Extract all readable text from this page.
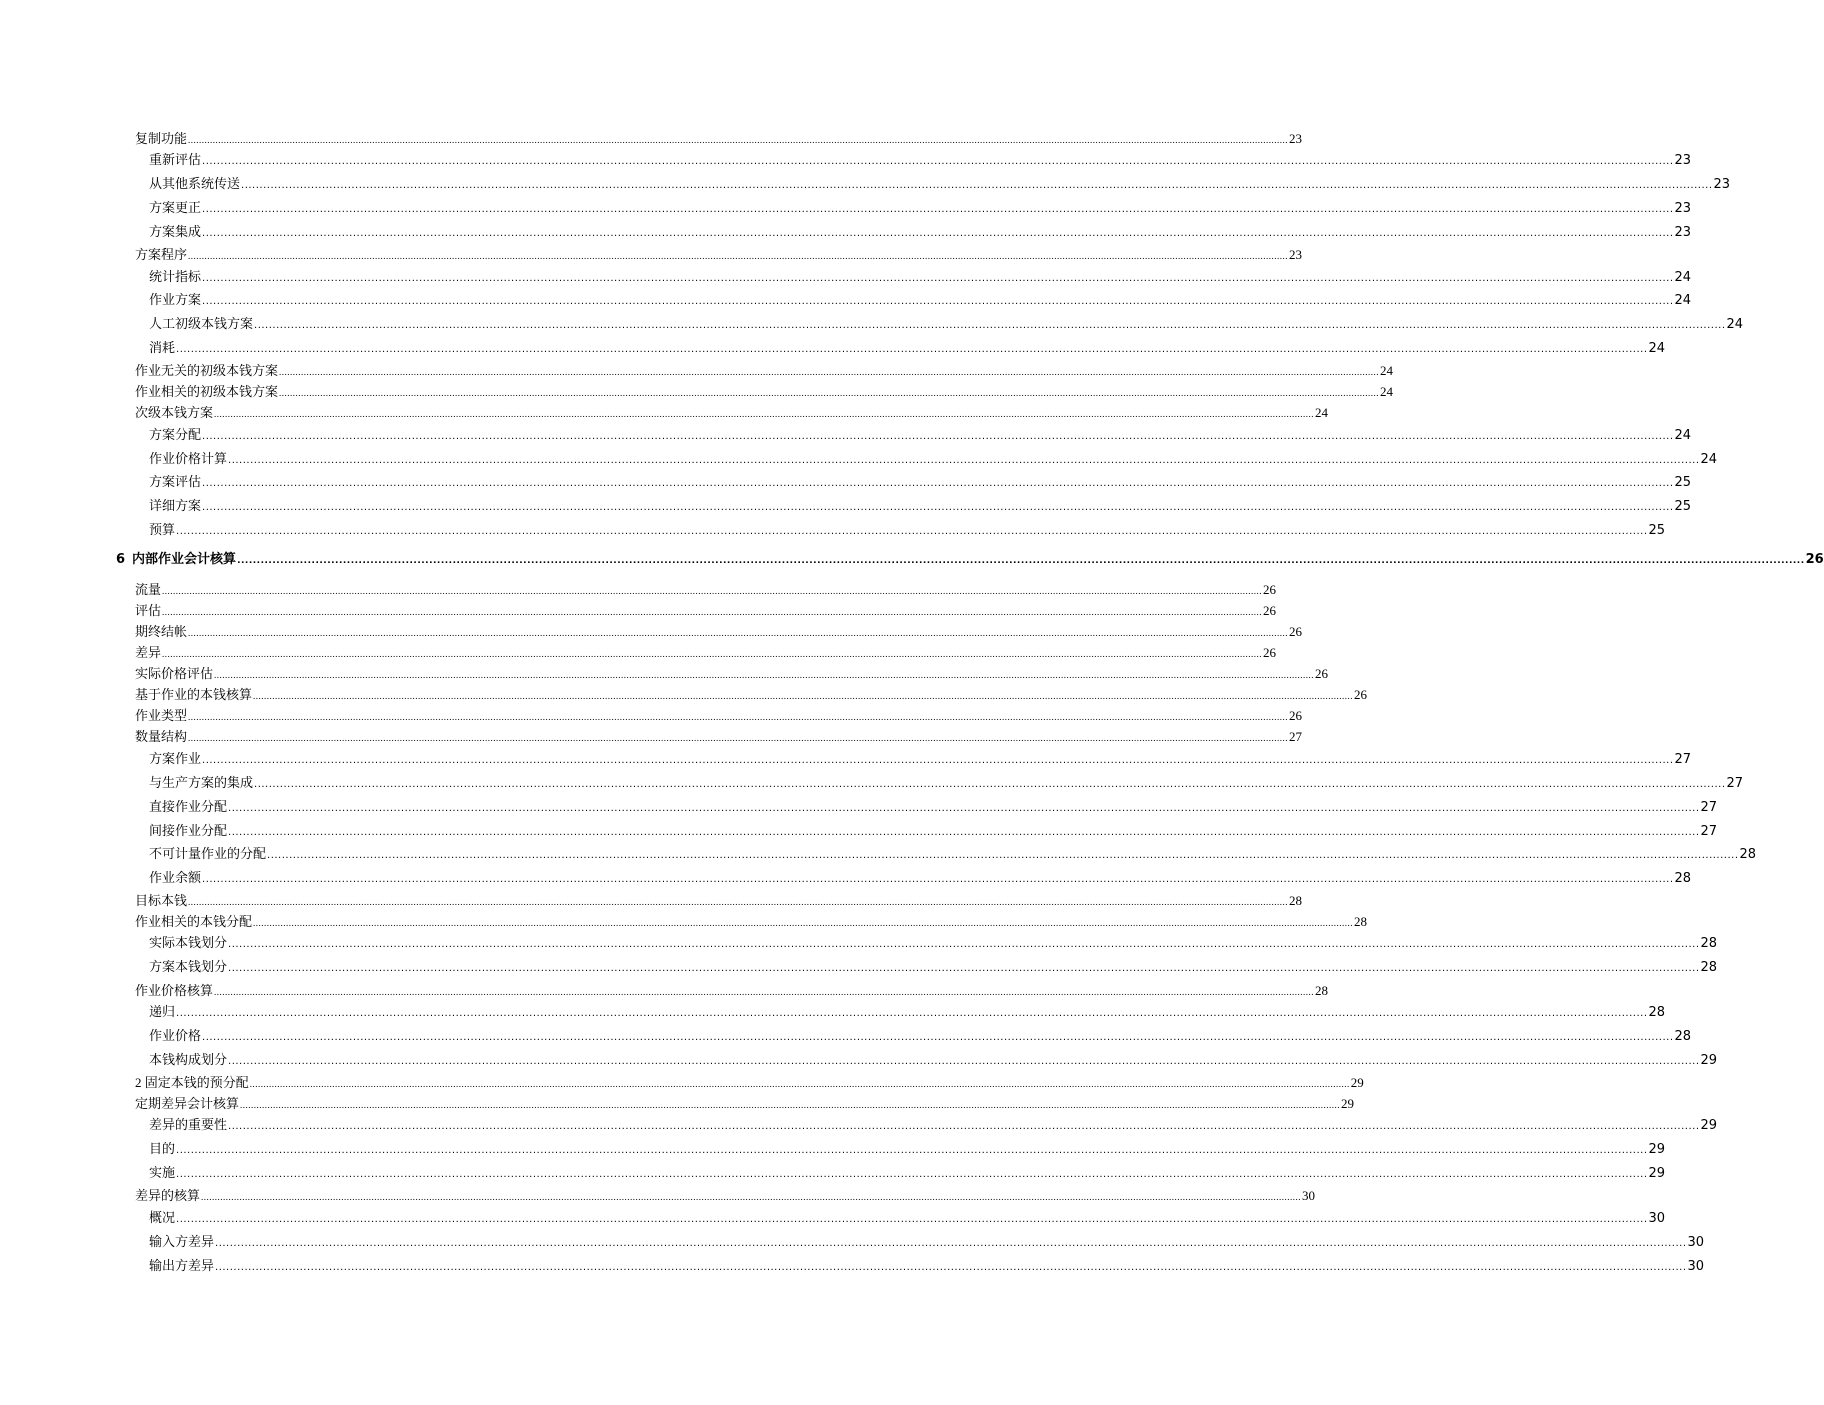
复制功能 ................................................................................................................................................................................................................................................................................................................................................................................................................ 23
重新评估 ................................................................................................................................................................................................................................................................................................................................................................................................................ 23
从其他系统传送 ................................................................................................................................................................................................................................................................................................................................................................................................................ 23
方案更正 ................................................................................................................................................................................................................................................................................................................................................................................................................ 23
方案集成 ................................................................................................................................................................................................................................................................................................................................................................................................................ 23
方案程序 ................................................................................................................................................................................................................................................................................................................................................................................................................ 23
统计指标 ................................................................................................................................................................................................................................................................................................................................................................................................................ 24
作业方案 ................................................................................................................................................................................................................................................................................................................................................................................................................ 24
人工初级本钱方案 ................................................................................................................................................................................................................................................................................................................................................................................................................ 24
消耗 ................................................................................................................................................................................................................................................................................................................................................................................................................ 24
作业无关的初级本钱方案 ................................................................................................................................................................................................................................................................................................................................................................................................................ 24
作业相关的初级本钱方案 ................................................................................................................................................................................................................................................................................................................................................................................................................ 24
次级本钱方案 ................................................................................................................................................................................................................................................................................................................................................................................................................ 24
方案分配 ................................................................................................................................................................................................................................................................................................................................................................................................................ 24
作业价格计算 ................................................................................................................................................................................................................................................................................................................................................................................................................ 24
方案评估 ................................................................................................................................................................................................................................................................................................................................................................................................................ 25
详细方案 ................................................................................................................................................................................................................................................................................................................................................................................................................ 25
预算 ................................................................................................................................................................................................................................................................................................................................................................................................................ 25
6 内部作业会计核算 ................................................................................................................................................................................................................................................................................................................................................................................................................ 26
流量 ................................................................................................................................................................................................................................................................................................................................................................................................................ 26
评估 ................................................................................................................................................................................................................................................................................................................................................................................................................ 26
期终结帐 ................................................................................................................................................................................................................................................................................................................................................................................................................ 26
差异 ................................................................................................................................................................................................................................................................................................................................................................................................................ 26
实际价格评估 ................................................................................................................................................................................................................................................................................................................................................................................................................ 26
基于作业的本钱核算 ................................................................................................................................................................................................................................................................................................................................................................................................................ 26
作业类型 ................................................................................................................................................................................................................................................................................................................................................................................................................ 26
数量结构 ................................................................................................................................................................................................................................................................................................................................................................................................................ 27
方案作业 ................................................................................................................................................................................................................................................................................................................................................................................................................ 27
与生产方案的集成 ................................................................................................................................................................................................................................................................................................................................................................................................................ 27
直接作业分配 ................................................................................................................................................................................................................................................................................................................................................................................................................ 27
间接作业分配 ................................................................................................................................................................................................................................................................................................................................................................................................................ 27
不可计量作业的分配 ................................................................................................................................................................................................................................................................................................................................................................................................................ 28
作业余额 ................................................................................................................................................................................................................................................................................................................................................................................................................ 28
目标本钱 ................................................................................................................................................................................................................................................................................................................................................................................................................ 28
作业相关的本钱分配 ................................................................................................................................................................................................................................................................................................................................................................................................................ 28
实际本钱划分 ................................................................................................................................................................................................................................................................................................................................................................................................................ 28
方案本钱划分 ................................................................................................................................................................................................................................................................................................................................................................................................................ 28
作业价格核算 ................................................................................................................................................................................................................................................................................................................................................................................................................ 28
递归 ................................................................................................................................................................................................................................................................................................................................................................................................................ 28
作业价格 ................................................................................................................................................................................................................................................................................................................................................................................................................ 28
本钱构成划分 ................................................................................................................................................................................................................................................................................................................................................................................................................ 29
2 固定本钱的预分配 ................................................................................................................................................................................................................................................................................................................................................................................................................ 29
定期差异会计核算 ................................................................................................................................................................................................................................................................................................................................................................................................................ 29
差异的重要性 ................................................................................................................................................................................................................................................................................................................................................................................................................ 29
目的 ................................................................................................................................................................................................................................................................................................................................................................................................................ 29
实施 ................................................................................................................................................................................................................................................................................................................................................................................................................ 29
差异的核算 ................................................................................................................................................................................................................................................................................................................................................................................................................ 30
概况 ................................................................................................................................................................................................................................................................................................................................................................................................................ 30
输入方差异 ................................................................................................................................................................................................................................................................................................................................................................................................................ 30
输出方差异 ................................................................................................................................................................................................................................................................................................................................................................................................................ 30
